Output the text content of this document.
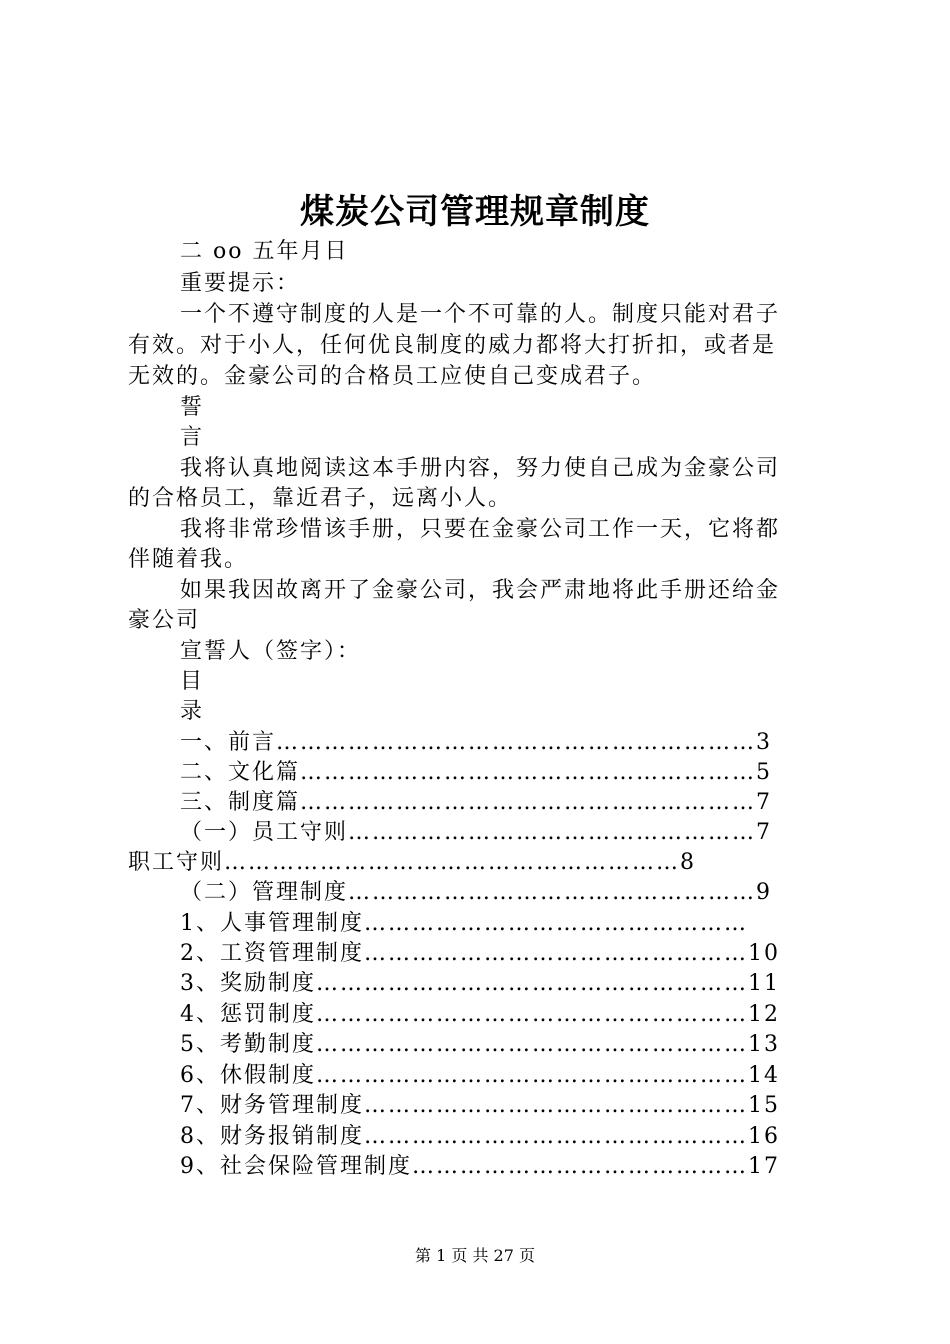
煤炭公司管理规章制度
二 oo 五年月日
重要提示：
一个不遵守制度的人是一个不可靠的人。制度只能对君子
有效。对于小人，任何优良制度的威力都将大打折扣，或者是
无效的。金豪公司的合格员工应使自己变成君子。
誓
言
我将认真地阅读这本手册内容，努力使自己成为金豪公司
的合格员工，靠近君子，远离小人。
我将非常珍惜该手册，只要在金豪公司工作一天，它将都
伴随着我。
如果我因故离开了金豪公司，我会严肃地将此手册还给金
豪公司
宣誓人（签字）：
目
录
一、前言……………………………………………………3
二、文化篇…………………………………………………5
三、制度篇…………………………………………………7
（一）员工守则……………………………………………7
职工守则…………………………………………………8
（二）管理制度……………………………………………9
1、人事管理制度…………………………………………
2、工资管理制度…………………………………………10
3、奖励制度………………………………………………11
4、惩罚制度………………………………………………12
5、考勤制度………………………………………………13
6、休假制度………………………………………………14
7、财务管理制度…………………………………………15
8、财务报销制度…………………………………………16
9、社会保险管理制度……………………………………17
第 1 页 共 27 页
